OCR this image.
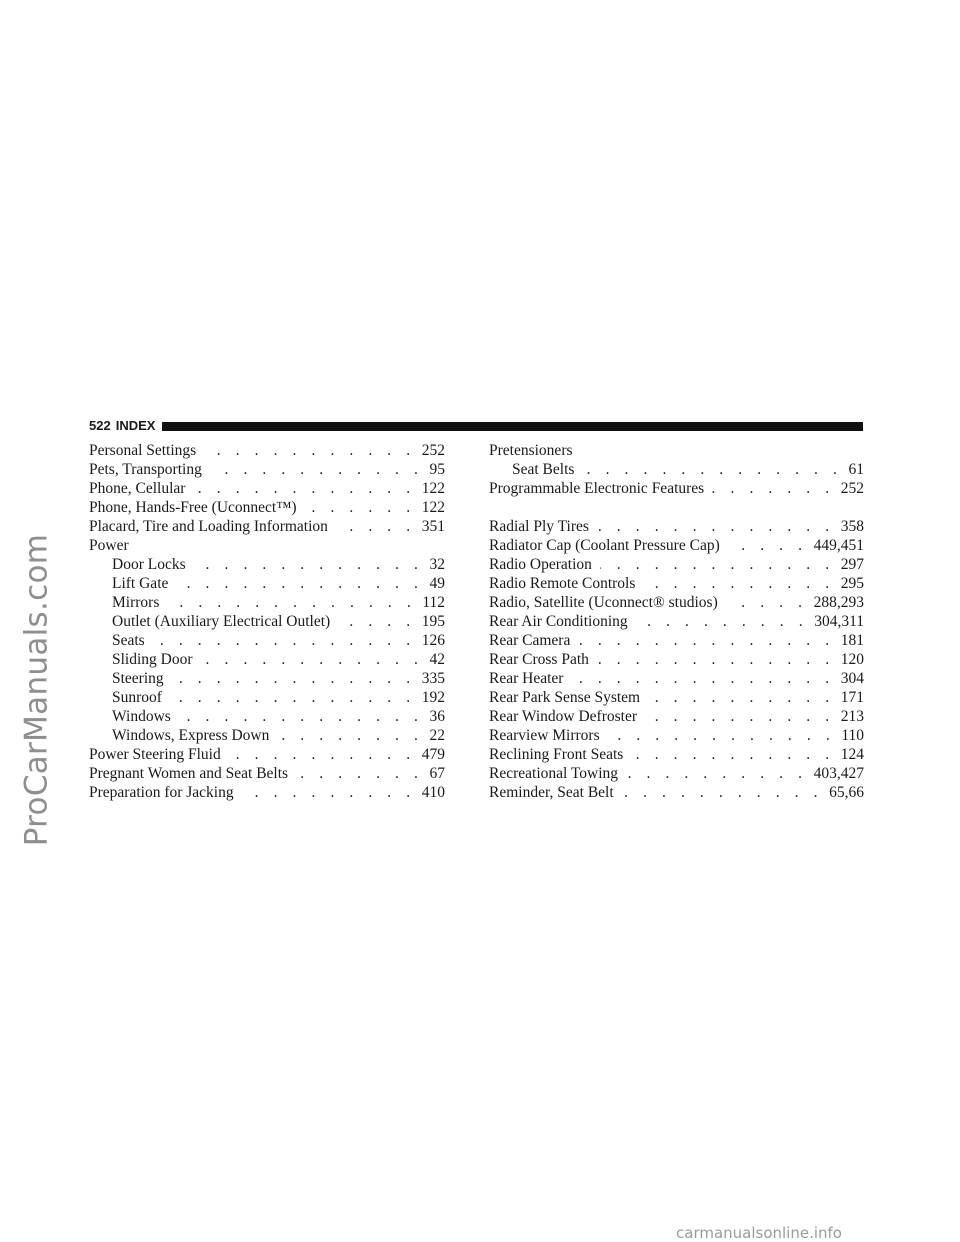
ProCarManuals.com
522 INDEX
Personal Settings . . .	252
Pets, Transporting . . .	95
Phone, Cellular . . .	122
Phone, Hands-Free (Uconnect™) . . .	122
Placard, Tire and Loading Information . . .	351
Power
Door Locks . . .	32
Lift Gate . . .	49
Mirrors . . .	112
Outlet (Auxiliary Electrical Outlet) . . .	195
Seats . . .	126
Sliding Door . . .	42
Steering . . .	335
Sunroof . . .	192
Windows . . .	36
Windows, Express Down . . .	22
Power Steering Fluid . . .	479
Pregnant Women and Seat Belts . . .	67
Preparation for Jacking . . .	410
Pretensioners
Seat Belts . . .	61
Programmable Electronic Features . . .	252
Radial Ply Tires . . .	358
Radiator Cap (Coolant Pressure Cap) . . .	449,451
Radio Operation . . .	297
Radio Remote Controls . . .	295
Radio, Satellite (Uconnect® studios) . . .	288,293
Rear Air Conditioning . . .	304,311
Rear Camera . . .	181
Rear Cross Path . . .	120
Rear Heater . . .	304
Rear Park Sense System . . .	171
Rear Window Defroster . . .	213
Rearview Mirrors . . .	110
Reclining Front Seats . . .	124
Recreational Towing . . .	403,427
Reminder, Seat Belt . . .	65,66
carmanualsonline.info
